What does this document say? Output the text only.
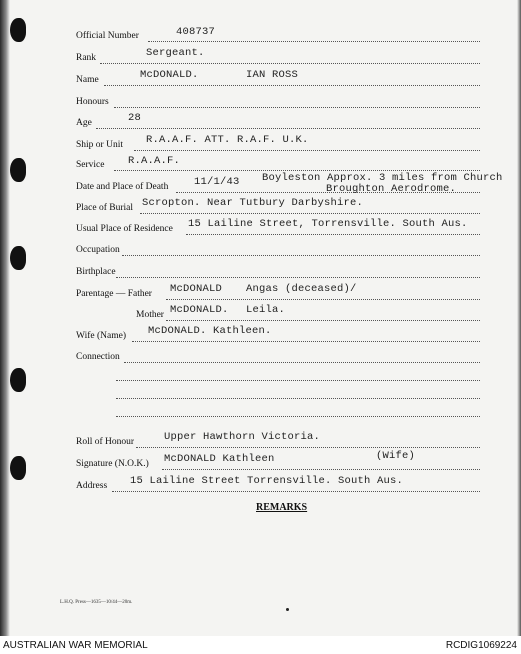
Official Number	408737
Rank	Sergeant.
Name	McDONALD.	IAN ROSS
Honours
Age	28
Ship or Unit R.A.A.F. ATT. R.A.F. U.K.
Service R.A.A.F.
Date and Place of Death 11/1/43 Boyleston Approx. 3 miles from Church
Broughton Aerodrome.
Place of Burial Scropton. Near Tutbury Darbyshire.
Usual Place of Residence 15 Lailine Street, Torrensville. South Aus.
Occupation
Birthplace
Parentage — Father McDONALD Angas (deceased)/
Mother McDONALD. Leila.
Wife (Name) McDONALD. Kathleen.
Connection
Roll of Honour	Upper Hawthorn Victoria.
Signature (N.O.K.) McDONALD Kathleen	(Wife)
Address 15 Lailine Street Torrensville. South Aus.
REMARKS
L.H.Q. Press—1635—10/44—20m.
AUSTRALIAN WAR MEMORIAL	RCDIG1069224
